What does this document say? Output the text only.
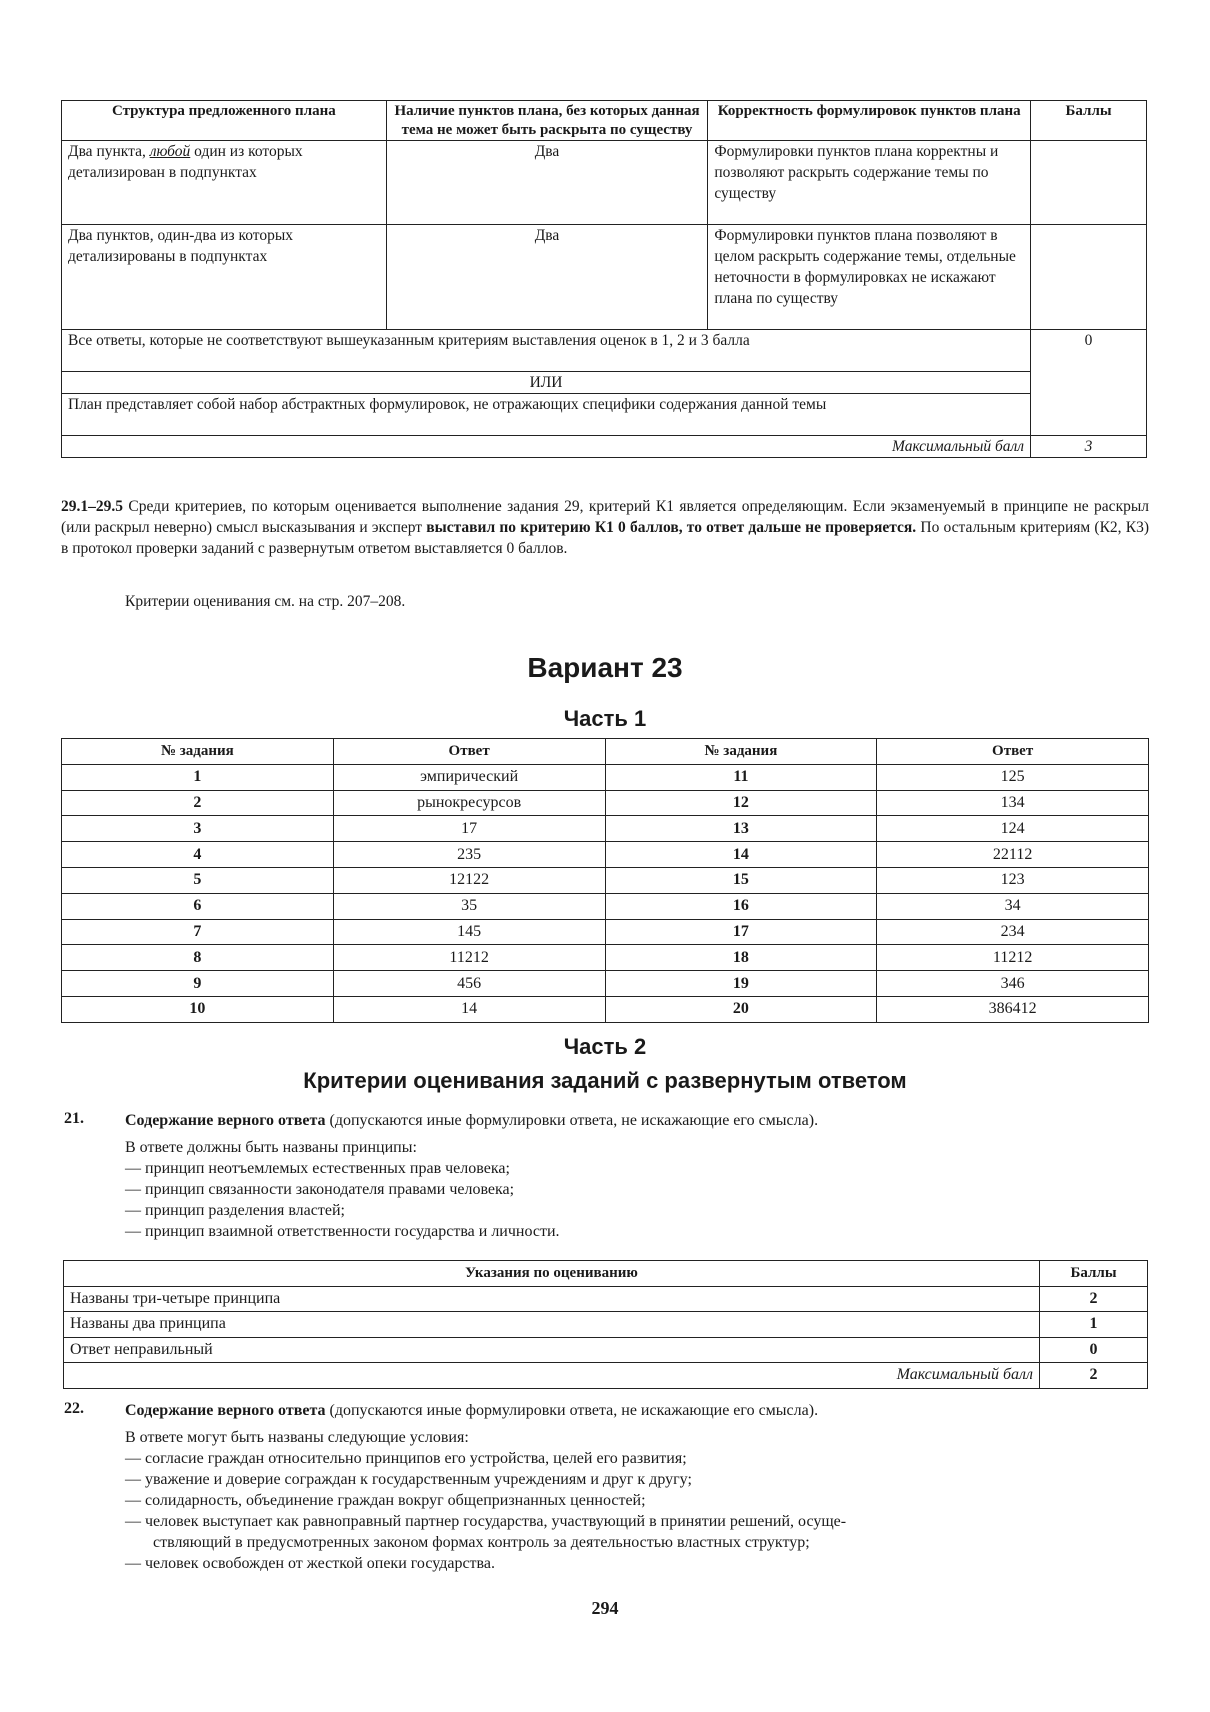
Структура предложенного плана	Наличие пунктов плана, без которых данная тема не может быть раскрыта по существу	Корректность формулировок пунктов плана	Баллы
Два пункта, любой один из которых детализирован в подпунктах	Два	Формулировки пунктов плана корректны и позволяют раскрыть содержание темы по существу	
Два пунктов, один-два из которых детализированы в подпунктах	Два	Формулировки пунктов плана позволяют в целом раскрыть содержание темы, отдельные неточности в формулировках не искажают плана по существу	
Все ответы, которые не соответствуют вышеуказанным критериям выставления оценок в 1, 2 и 3 балла			0
ИЛИ			
План представляет собой набор абстрактных формулировок, не отражающих специфики содержания данной темы			
Максимальный балл			3
29.1–29.5 Среди критериев, по которым оценивается выполнение задания 29, критерий К1 является определяющим. Если экзаменуемый в принципе не раскрыл (или раскрыл неверно) смысл высказывания и эксперт выставил по критерию К1 0 баллов, то ответ дальше не проверяется. По остальным критериям (К2, К3) в протокол проверки заданий с развернутым ответом выставляется 0 баллов.
Критерии оценивания см. на стр. 207–208.
Вариант 23
Часть 1
№ задания	Ответ	№ задания	Ответ
1	эмпирический	11	125
2	рынокресурсов	12	134
3	17	13	124
4	235	14	22112
5	12122	15	123
6	35	16	34
7	145	17	234
8	11212	18	11212
9	456	19	346
10	14	20	386412
Часть 2
Критерии оценивания заданий с развернутым ответом
21.	Содержание верного ответа (допускаются иные формулировки ответа, не искажающие его смысла).
В ответе должны быть названы принципы:
— принцип неотъемлемых естественных прав человека;
— принцип связанности законодателя правами человека;
— принцип разделения властей;
— принцип взаимной ответственности государства и личности.
Указания по оцениванию	Баллы
Названы три-четыре принципа	2
Названы два принципа	1
Ответ неправильный	0
Максимальный балл	2
22.	Содержание верного ответа (допускаются иные формулировки ответа, не искажающие его смысла).
В ответе могут быть названы следующие условия:
— согласие граждан относительно принципов его устройства, целей его развития;
— уважение и доверие сограждан к государственным учреждениям и друг к другу;
— солидарность, объединение граждан вокруг общепризнанных ценностей;
— человек выступает как равноправный партнер государства, участвующий в принятии решений, осуще-
ствляющий в предусмотренных законом формах контроль за деятельностью властных структур;
— человек освобожден от жесткой опеки государства.
294
